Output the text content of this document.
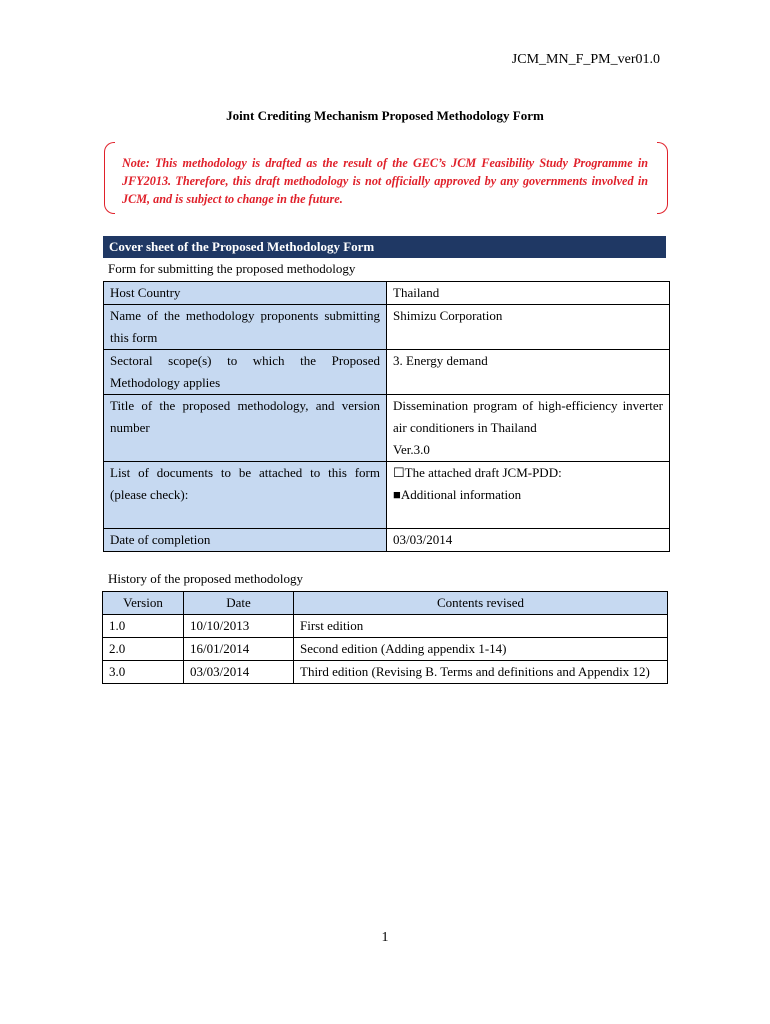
JCM_MN_F_PM_ver01.0
Joint Crediting Mechanism Proposed Methodology Form
Note: This methodology is drafted as the result of the GEC’s JCM Feasibility Study Programme in JFY2013. Therefore, this draft methodology is not officially approved by any governments involved in JCM, and is subject to change in the future.
Cover sheet of the Proposed Methodology Form
Form for submitting the proposed methodology
Host Country	Thailand
Name of the methodology proponents submitting this form	Shimizu Corporation
Sectoral scope(s) to which the Proposed Methodology applies	3. Energy demand
Title of the proposed methodology, and version number	Dissemination program of high-efficiency inverter air conditioners in Thailand
Ver.3.0

List of documents to be attached to this form (please check):	☐The attached draft JCM-PDD:
■Additional information

Date of completion	03/03/2014
History of the proposed methodology
Version	Date	Contents revised
1.0	10/10/2013	First edition
2.0	16/01/2014	Second edition (Adding appendix 1-14)
3.0	03/03/2014	Third edition (Revising B. Terms and definitions and Appendix 12)
1
